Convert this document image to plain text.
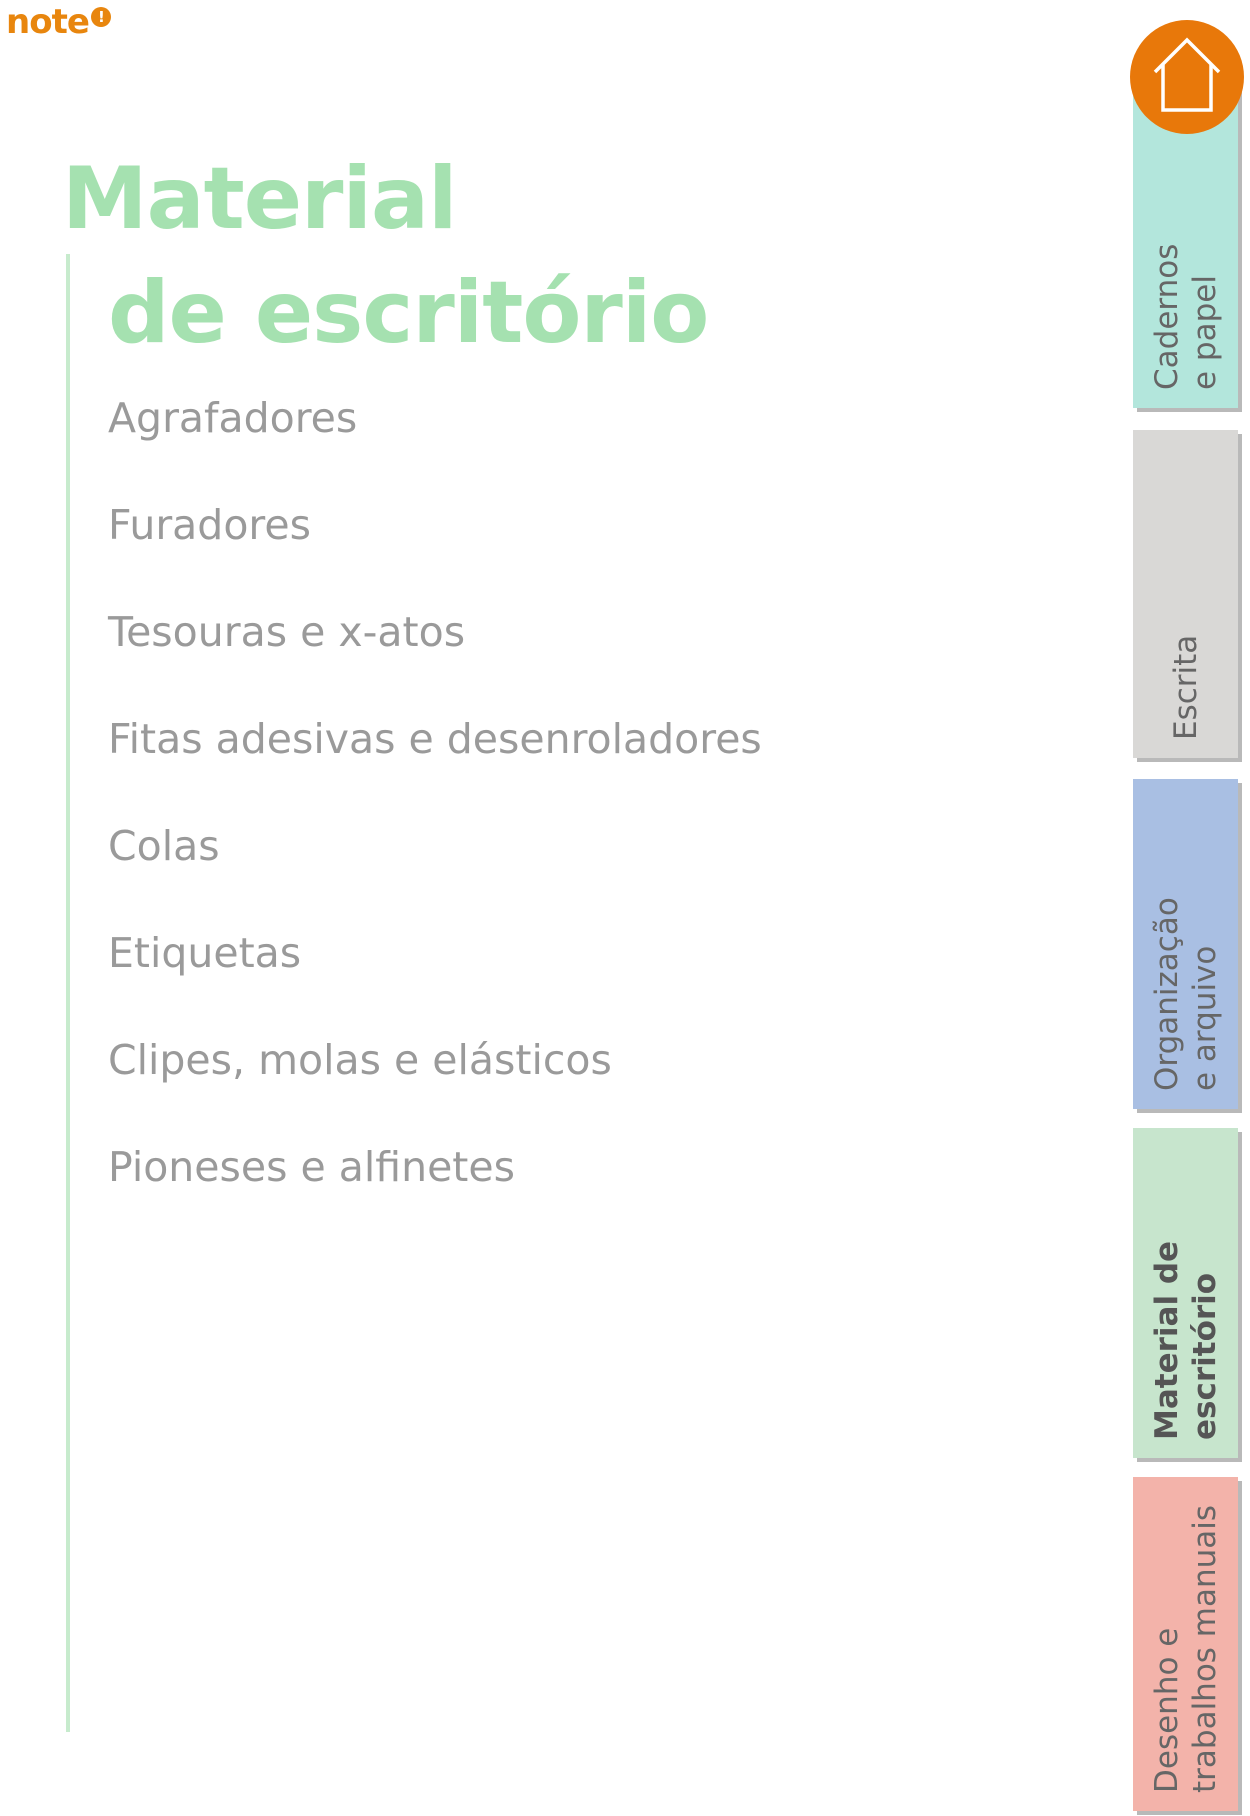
note !
Material
de escritório
Agrafadores
Furadores
Tesouras e x-atos
Fitas adesivas e desenroladores
Colas
Etiquetas
Clipes, molas e elásticos
Pioneses e alfinetes
Cadernos e papel
Escrita
Organização e arquivo
Material de escritório
Desenho e trabalhos manuais
